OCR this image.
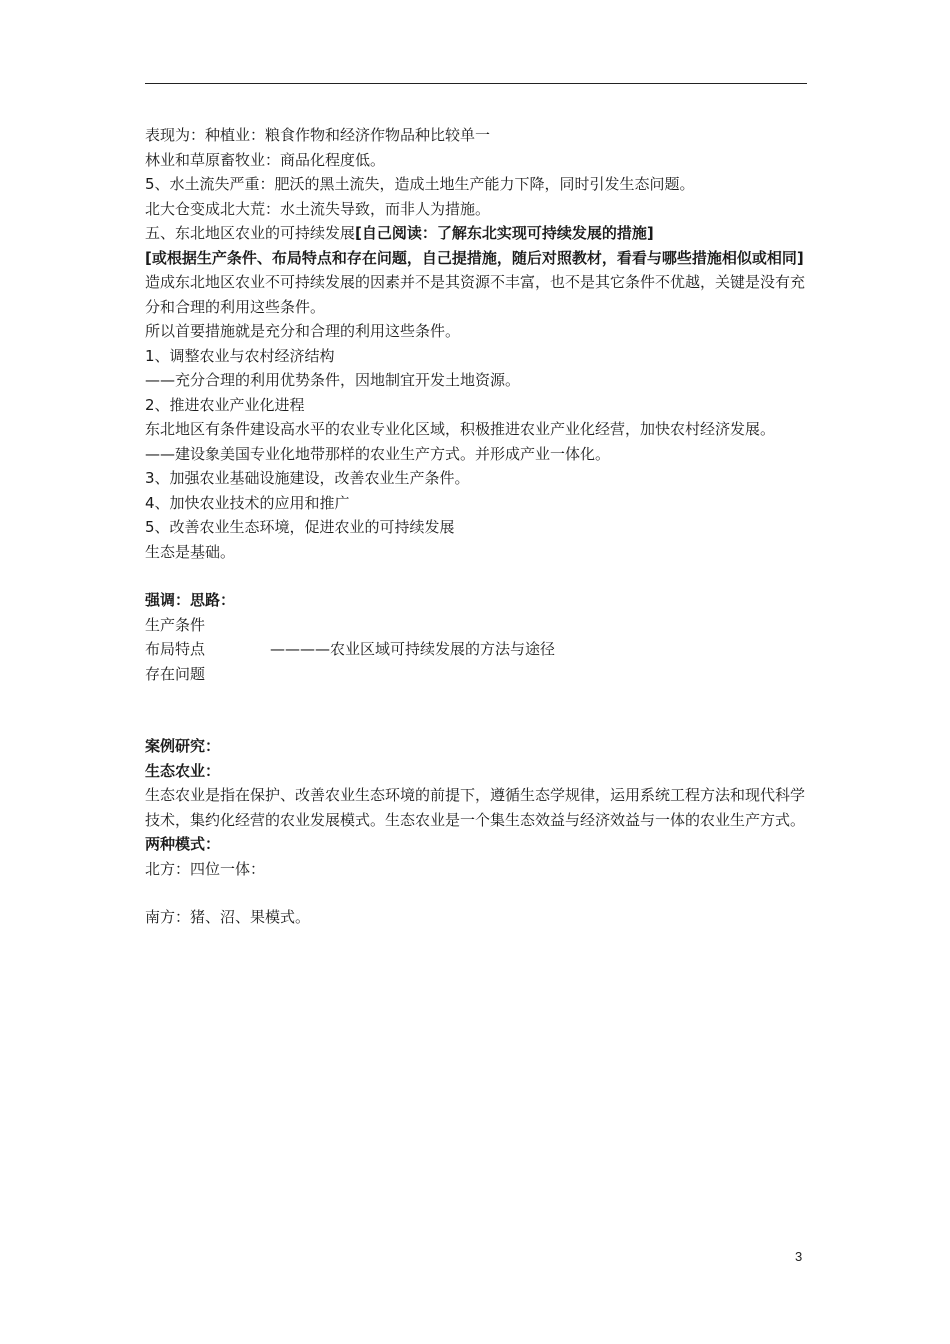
表现为：种植业：粮食作物和经济作物品种比较单一

林业和草原畜牧业：商品化程度低。

5、水土流失严重：肥沃的黑土流失，造成土地生产能力下降，同时引发生态问题。

北大仓变成北大荒：水土流失导致，而非人为措施。

五、东北地区农业的可持续发展[自己阅读：了解东北实现可持续发展的措施]

[或根据生产条件、布局特点和存在问题，自己提措施，随后对照教材，看看与哪些措施相似或相同]

造成东北地区农业不可持续发展的因素并不是其资源不丰富，也不是其它条件不优越，关键是没有充分和合理的利用这些条件。

所以首要措施就是充分和合理的利用这些条件。

1、调整农业与农村经济结构

——充分合理的利用优势条件，因地制宜开发土地资源。

2、推进农业产业化进程

东北地区有条件建设高水平的农业专业化区域，积极推进农业产业化经营，加快农村经济发展。

——建设象美国专业化地带那样的农业生产方式。并形成产业一体化。

3、加强农业基础设施建设，改善农业生产条件。

4、加快农业技术的应用和推广

5、改善农业生态环境，促进农业的可持续发展

生态是基础。

强调：思路：

生产条件

布局特点	————农业区域可持续发展的方法与途径

存在问题

案例研究：

生态农业：

生态农业是指在保护、改善农业生态环境的前提下，遵循生态学规律，运用系统工程方法和现代科学技术，集约化经营的农业发展模式。生态农业是一个集生态效益与经济效益与一体的农业生产方式。

两种模式：

北方：四位一体：

南方：猪、沼、果模式。

3
